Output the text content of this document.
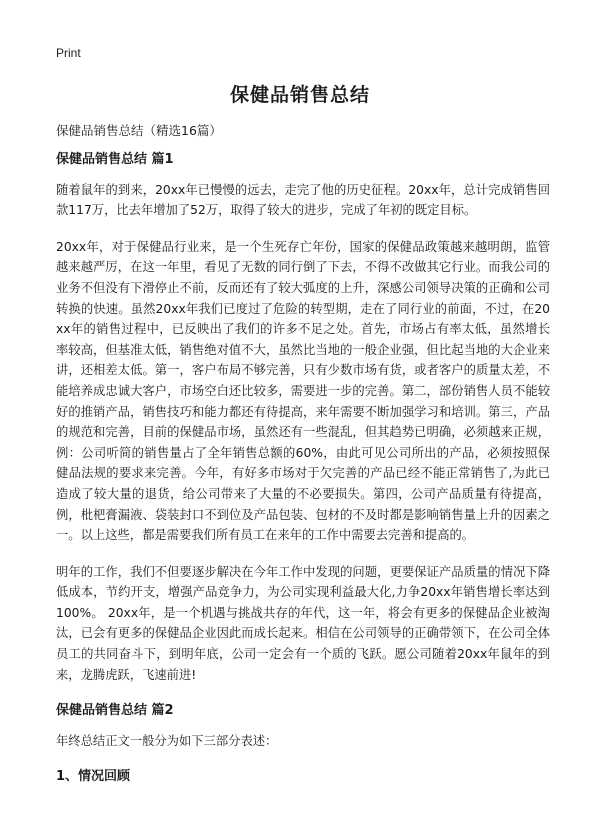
Print
保健品销售总结
保健品销售总结（精选16篇）
保健品销售总结 篇1

随着鼠年的到来，20xx年已慢慢的远去，走完了他的历史征程。20xx年，总计完成销售回款117万，比去年增加了52万，取得了较大的进步，完成了年初的既定目标。

20xx年，对于保健品行业来，是一个生死存亡年份，国家的保健品政策越来越明朗，监管越来越严厉，在这一年里，看见了无数的同行倒了下去，不得不改做其它行业。而我公司的业务不但没有下滑停止不前，反而还有了较大弧度的上升，深感公司领导决策的正确和公司转换的快速。虽然20xx年我们已度过了危险的转型期，走在了同行业的前面，不过，在20xx年的销售过程中，已反映出了我们的许多不足之处。首先，市场占有率太低，虽然增长率较高，但基准太低，销售绝对值不大，虽然比当地的一般企业强，但比起当地的大企业来讲，还相差太低。第一，客户布局不够完善，只有少数市场有货，或者客户的质量太差，不能培养成忠诚大客户，市场空白还比较多，需要进一步的完善。第二，部份销售人员不能较好的推销产品，销售技巧和能力都还有待提高，来年需要不断加强学习和培训。第三，产品的规范和完善，目前的保健品市场，虽然还有一些混乱，但其趋势已明确，必须越来正规，例：公司听简的销售量占了全年销售总额的60%，由此可见公司所出的产品，必须按照保健品法规的要求来完善。今年，有好多市场对于欠完善的产品已经不能正常销售了,为此已造成了较大量的退货，给公司带来了大量的不必要损失。第四，公司产品质量有待提高，例，枇杷膏漏液、袋装封口不到位及产品包装、包材的不及时都是影响销售量上升的因素之一。以上这些，都是需要我们所有员工在来年的工作中需要去完善和提高的。

明年的工作，我们不但要逐步解决在今年工作中发现的问题，更要保证产品质量的情况下降低成本，节约开支，增强产品竞争力，为公司实现利益最大化,力争20xx年销售增长率达到100%。 20xx年，是一个机遇与挑战共存的年代，这一年，将会有更多的保健品企业被淘汰，已会有更多的保健品企业因此而成长起来。相信在公司领导的正确带领下，在公司全体员工的共同奋斗下，到明年底，公司一定会有一个质的飞跃。愿公司随着20xx年鼠年的到来，龙腾虎跃，飞速前进!

保健品销售总结 篇2

年终总结正文一般分为如下三部分表述：

1、情况回顾
